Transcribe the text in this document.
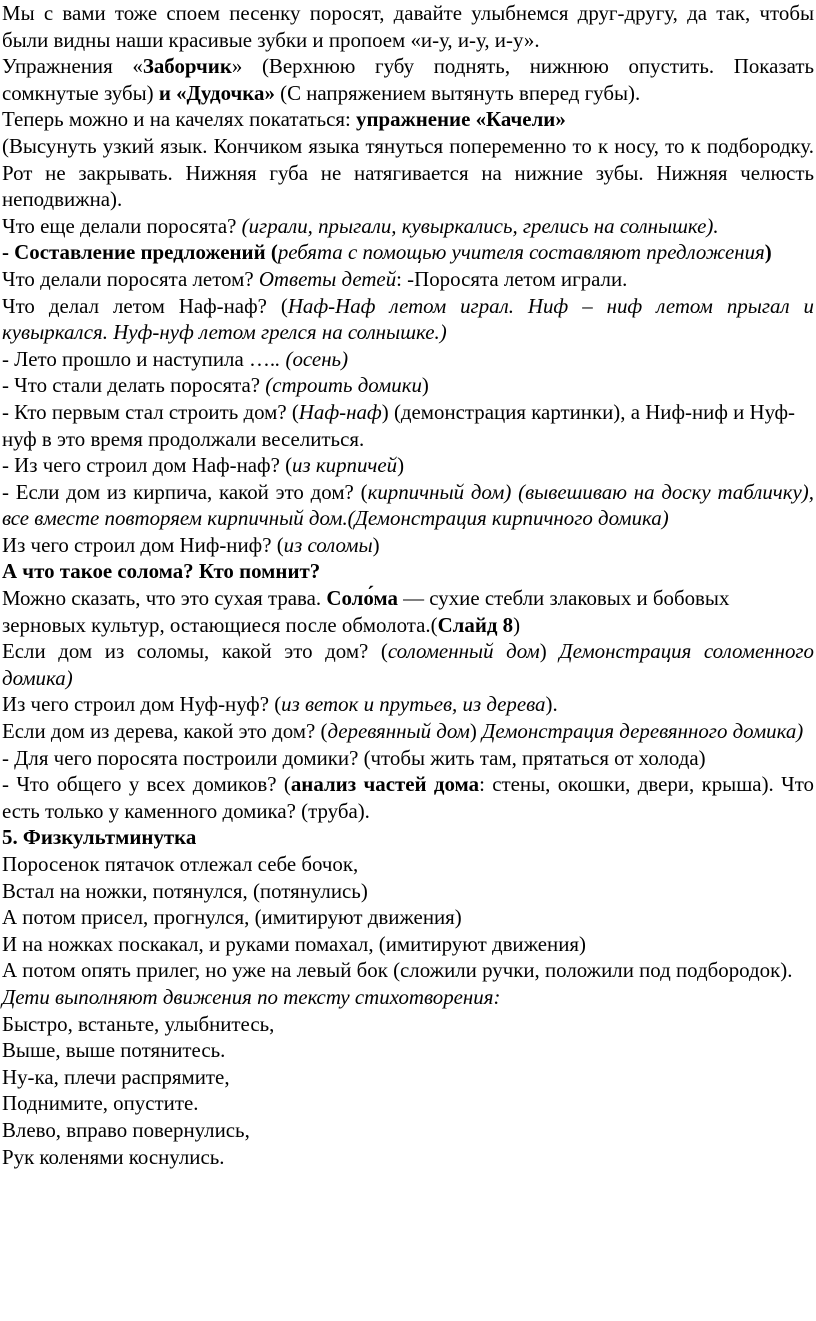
Мы с вами тоже споем песенку поросят, давайте улыбнемся друг-другу, да так, чтобы были видны наши красивые зубки и пропоем «и-у, и-у, и-у».

Упражнения «Заборчик» (Верхнюю губу поднять, нижнюю опустить. Показать сомкнутые зубы) и «Дудочка» (С напряжением вытянуть вперед губы).

Теперь можно и на качелях покататься: упражнение «Качели»

(Высунуть узкий язык. Кончиком языка тянуться попеременно то к носу, то к подбородку. Рот не закрывать. Нижняя губа не натягивается на нижние зубы. Нижняя челюсть неподвижна).

Что еще делали поросята? (играли, прыгали, кувыркались, грелись на солнышке).

- Составление предложений (ребята с помощью учителя составляют предложения)

Что делали поросята летом? Ответы детей: -Поросята летом играли.

Что делал летом Наф-наф? (Наф-Наф летом играл. Ниф – ниф летом прыгал и кувыркался. Нуф-нуф летом грелся на солнышке.)

- Лето прошло и наступила ….. (осень)

- Что стали делать поросята? (строить домики)

- Кто первым стал строить дом? (Наф-наф) (демонстрация картинки), а Ниф-ниф и Нуф-нуф в это время продолжали веселиться.

- Из чего строил дом Наф-наф? (из кирпичей)

- Если дом из кирпича, какой это дом? (кирпичный дом) (вывешиваю на доску табличку), все вместе повторяем кирпичный дом.(Демонстрация кирпичного домика)

Из чего строил дом Ниф-ниф? (из соломы)

А что такое солома? Кто помнит?

Можно сказать, что это сухая трава. Соло́ма — сухие стебли злаковых и бобовых зерновых культур, остающиеся после обмолота.(Слайд 8)

Если дом из соломы, какой это дом? (соломенный дом) Демонстрация соломенного домика)

Из чего строил дом Нуф-нуф? (из веток и прутьев, из дерева).

Если дом из дерева, какой это дом? (деревянный дом) Демонстрация деревянного домика)

- Для чего поросята построили домики? (чтобы жить там, прятаться от холода)

- Что общего у всех домиков? (анализ частей дома: стены, окошки, двери, крыша). Что есть только у каменного домика? (труба).

5. Физкультминутка

Поросенок пятачок отлежал себе бочок,

Встал на ножки, потянулся, (потянулись)

А потом присел, прогнулся, (имитируют движения)

И на ножках поскакал, и руками помахал, (имитируют движения)

А потом опять прилег, но уже на левый бок (сложили ручки, положили под подбородок).

Дети выполняют движения по тексту стихотворения:

Быстро, встаньте, улыбнитесь,

Выше, выше потянитесь.

Ну-ка, плечи распрямите,

Поднимите, опустите.

Влево, вправо повернулись,

Рук коленями коснулись.
